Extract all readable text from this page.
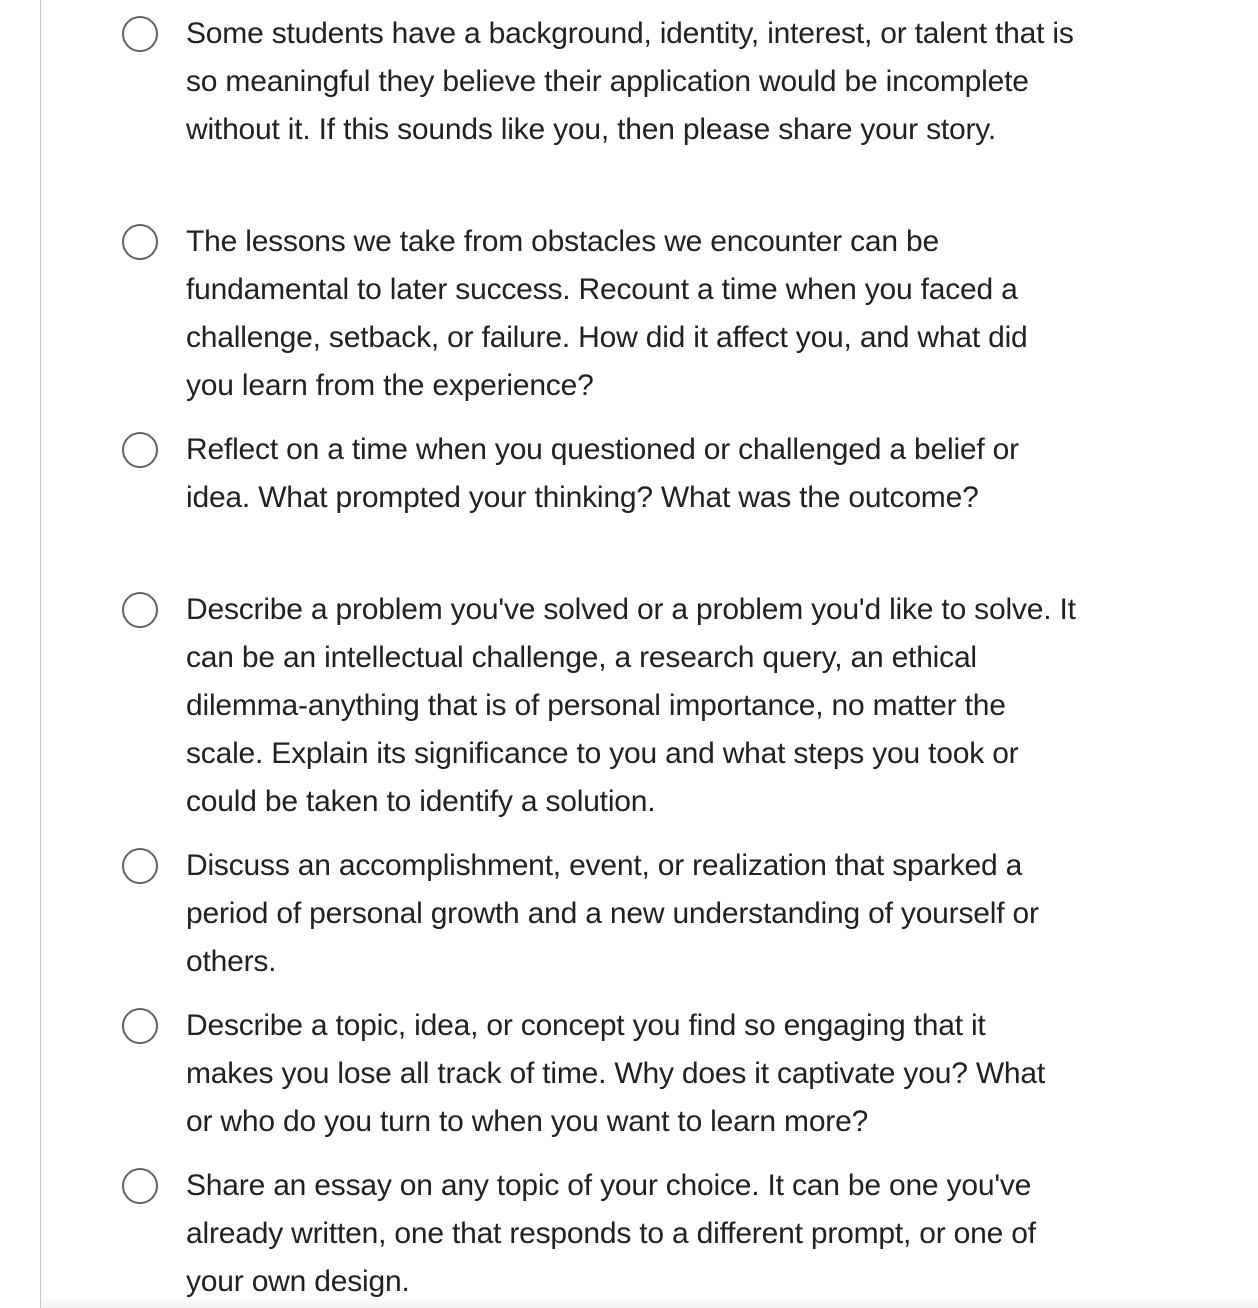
Some students have a background, identity, interest, or talent that is so meaningful they believe their application would be incomplete without it. If this sounds like you, then please share your story.
The lessons we take from obstacles we encounter can be fundamental to later success. Recount a time when you faced a challenge, setback, or failure. How did it affect you, and what did you learn from the experience?
Reflect on a time when you questioned or challenged a belief or idea. What prompted your thinking? What was the outcome?
Describe a problem you've solved or a problem you'd like to solve. It can be an intellectual challenge, a research query, an ethical dilemma-anything that is of personal importance, no matter the scale. Explain its significance to you and what steps you took or could be taken to identify a solution.
Discuss an accomplishment, event, or realization that sparked a period of personal growth and a new understanding of yourself or others.
Describe a topic, idea, or concept you find so engaging that it makes you lose all track of time. Why does it captivate you? What or who do you turn to when you want to learn more?
Share an essay on any topic of your choice. It can be one you've already written, one that responds to a different prompt, or one of your own design.
